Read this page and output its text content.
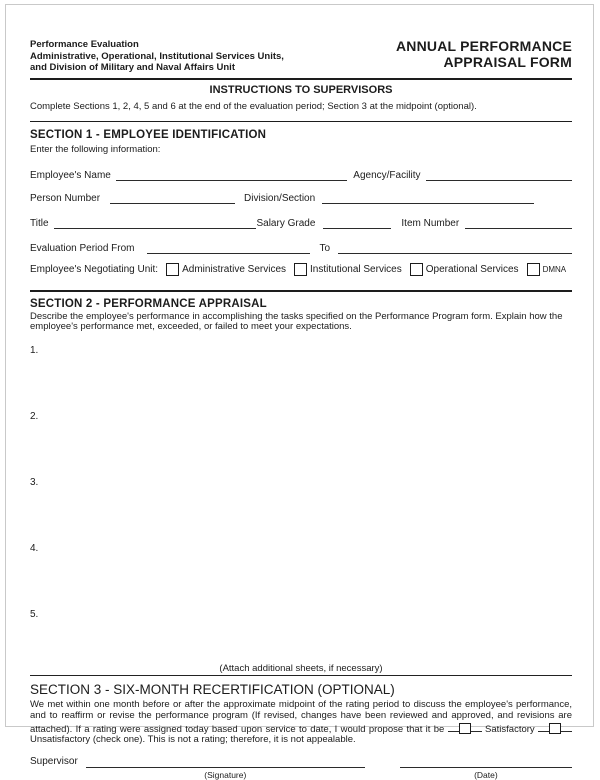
Performance Evaluation
Administrative, Operational, Institutional Services Units,
and Division of Military and Naval Affairs Unit
ANNUAL PERFORMANCE
APPRAISAL FORM
INSTRUCTIONS TO SUPERVISORS
Complete Sections 1, 2, 4, 5 and 6 at the end of the evaluation period; Section 3 at the midpoint (optional).
SECTION 1 - EMPLOYEE IDENTIFICATION
Enter the following information:
Employee's Name	Agency/Facility
Person Number	Division/Section
Title	Salary Grade	Item Number
Evaluation Period From	To
Employee's Negotiating Unit: Administrative Services Institutional Services Operational Services	DMNA
SECTION 2 - PERFORMANCE APPRAISAL
Describe the employee's performance in accomplishing the tasks specified on the Performance Program form. Explain how the employee's performance met, exceeded, or failed to meet your expectations.
1.
2.
3.
4.
5.
(Attach additional sheets, if necessary)
SECTION 3 - SIX-MONTH RECERTIFICATION (OPTIONAL)

We met within one month before or after the approximate midpoint of the rating period to discuss the employee's performance, and to reaffirm or revise the performance program (If revised, changes have been reviewed and approved, and revisions are attached). If a rating were assigned today based upon service to date, I would propose that it be	Satisfactory  Unsatisfactory (check one). This is not a rating; therefore, it is not appealable.

Supervisor
(Signature)	(Date)
